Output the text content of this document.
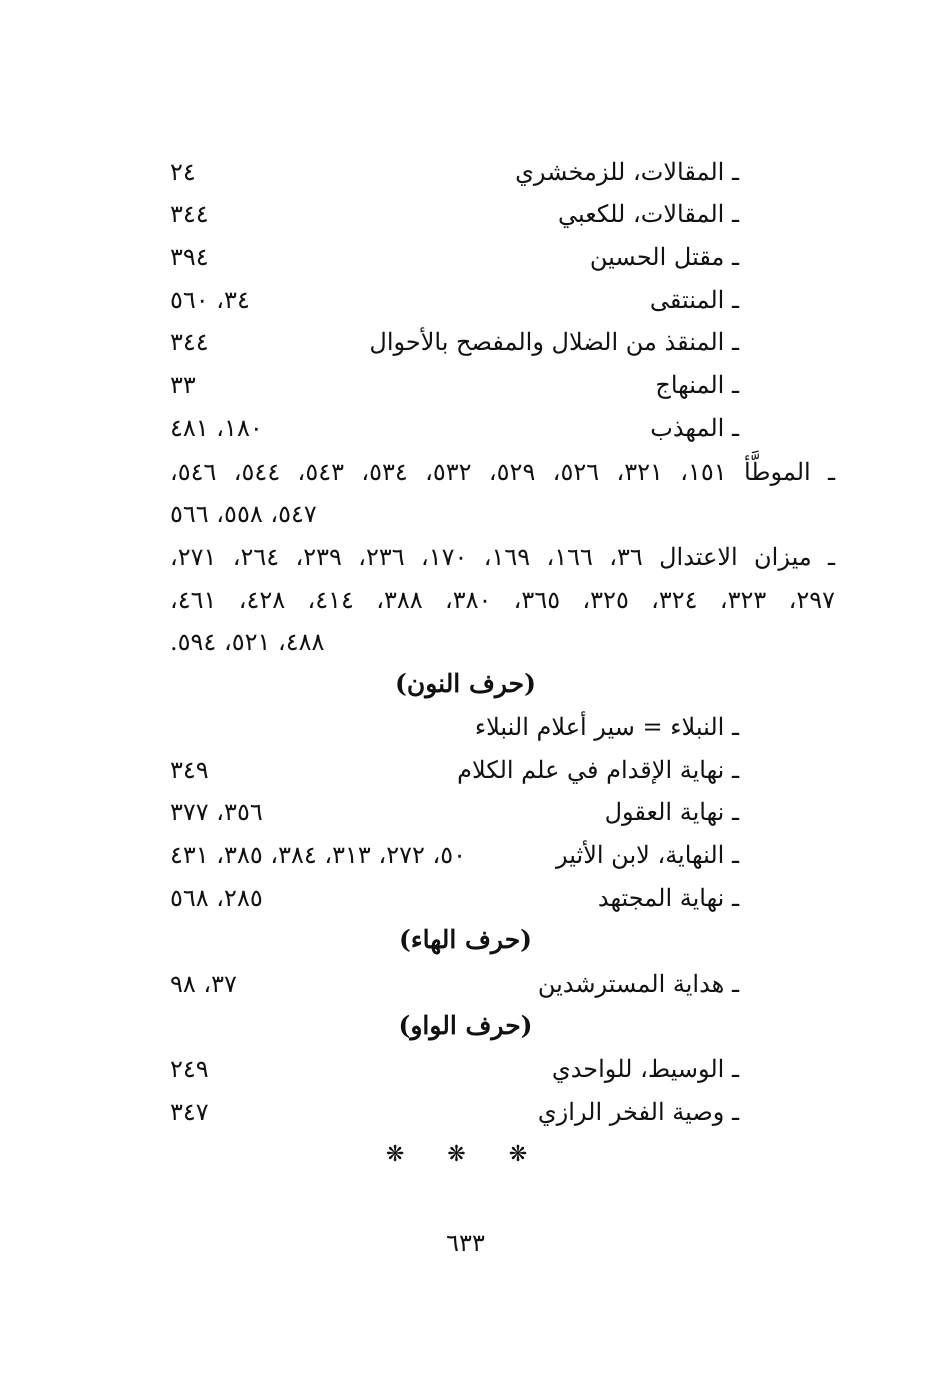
ـ المقالات، للزمخشري
٢٤
ـ المقالات، للكعبي
٣٤٤
ـ مقتل الحسين
٣٩٤
ـ المنتقى
٣٤، ٥٦٠
ـ المنقذ من الضلال والمفصح بالأحوال
٣٤٤
ـ المنهاج
٣٣
ـ المهذب
١٨٠، ٤٨١
ـ الموطَّأ ١٥١، ٣٢١، ٥٢٦، ٥٢٩، ٥٣٢، ٥٣٤، ٥٤٣، ٥٤٤، ٥٤٦،
٥٤٧، ٥٥٨، ٥٦٦
ـ ميزان الاعتدال ٣٦، ١٦٦، ١٦٩، ١٧٠، ٢٣٦، ٢٣٩، ٢٦٤، ٢٧١،
٢٩٧، ٣٢٣، ٣٢٤، ٣٢٥، ٣٦٥، ٣٨٠، ٣٨٨، ٤١٤، ٤٢٨، ٤٦١،
٤٨٨، ٥٢١، ٥٩٤.
(حرف النون)
ـ النبلاء = سير أعلام النبلاء
ـ نهاية الإقدام في علم الكلام
٣٤٩
ـ نهاية العقول
٣٥٦، ٣٧٧
ـ النهاية، لابن الأثير
٥٠، ٢٧٢، ٣١٣، ٣٨٤، ٣٨٥، ٤٣١
ـ نهاية المجتهد
٢٨٥، ٥٦٨
(حرف الهاء)
ـ هداية المسترشدين
٣٧، ٩٨
(حرف الواو)
ـ الوسيط، للواحدي
٢٤٩
ـ وصية الفخر الرازي
٣٤٧
❋ ❋ ❋
٦٣٣
